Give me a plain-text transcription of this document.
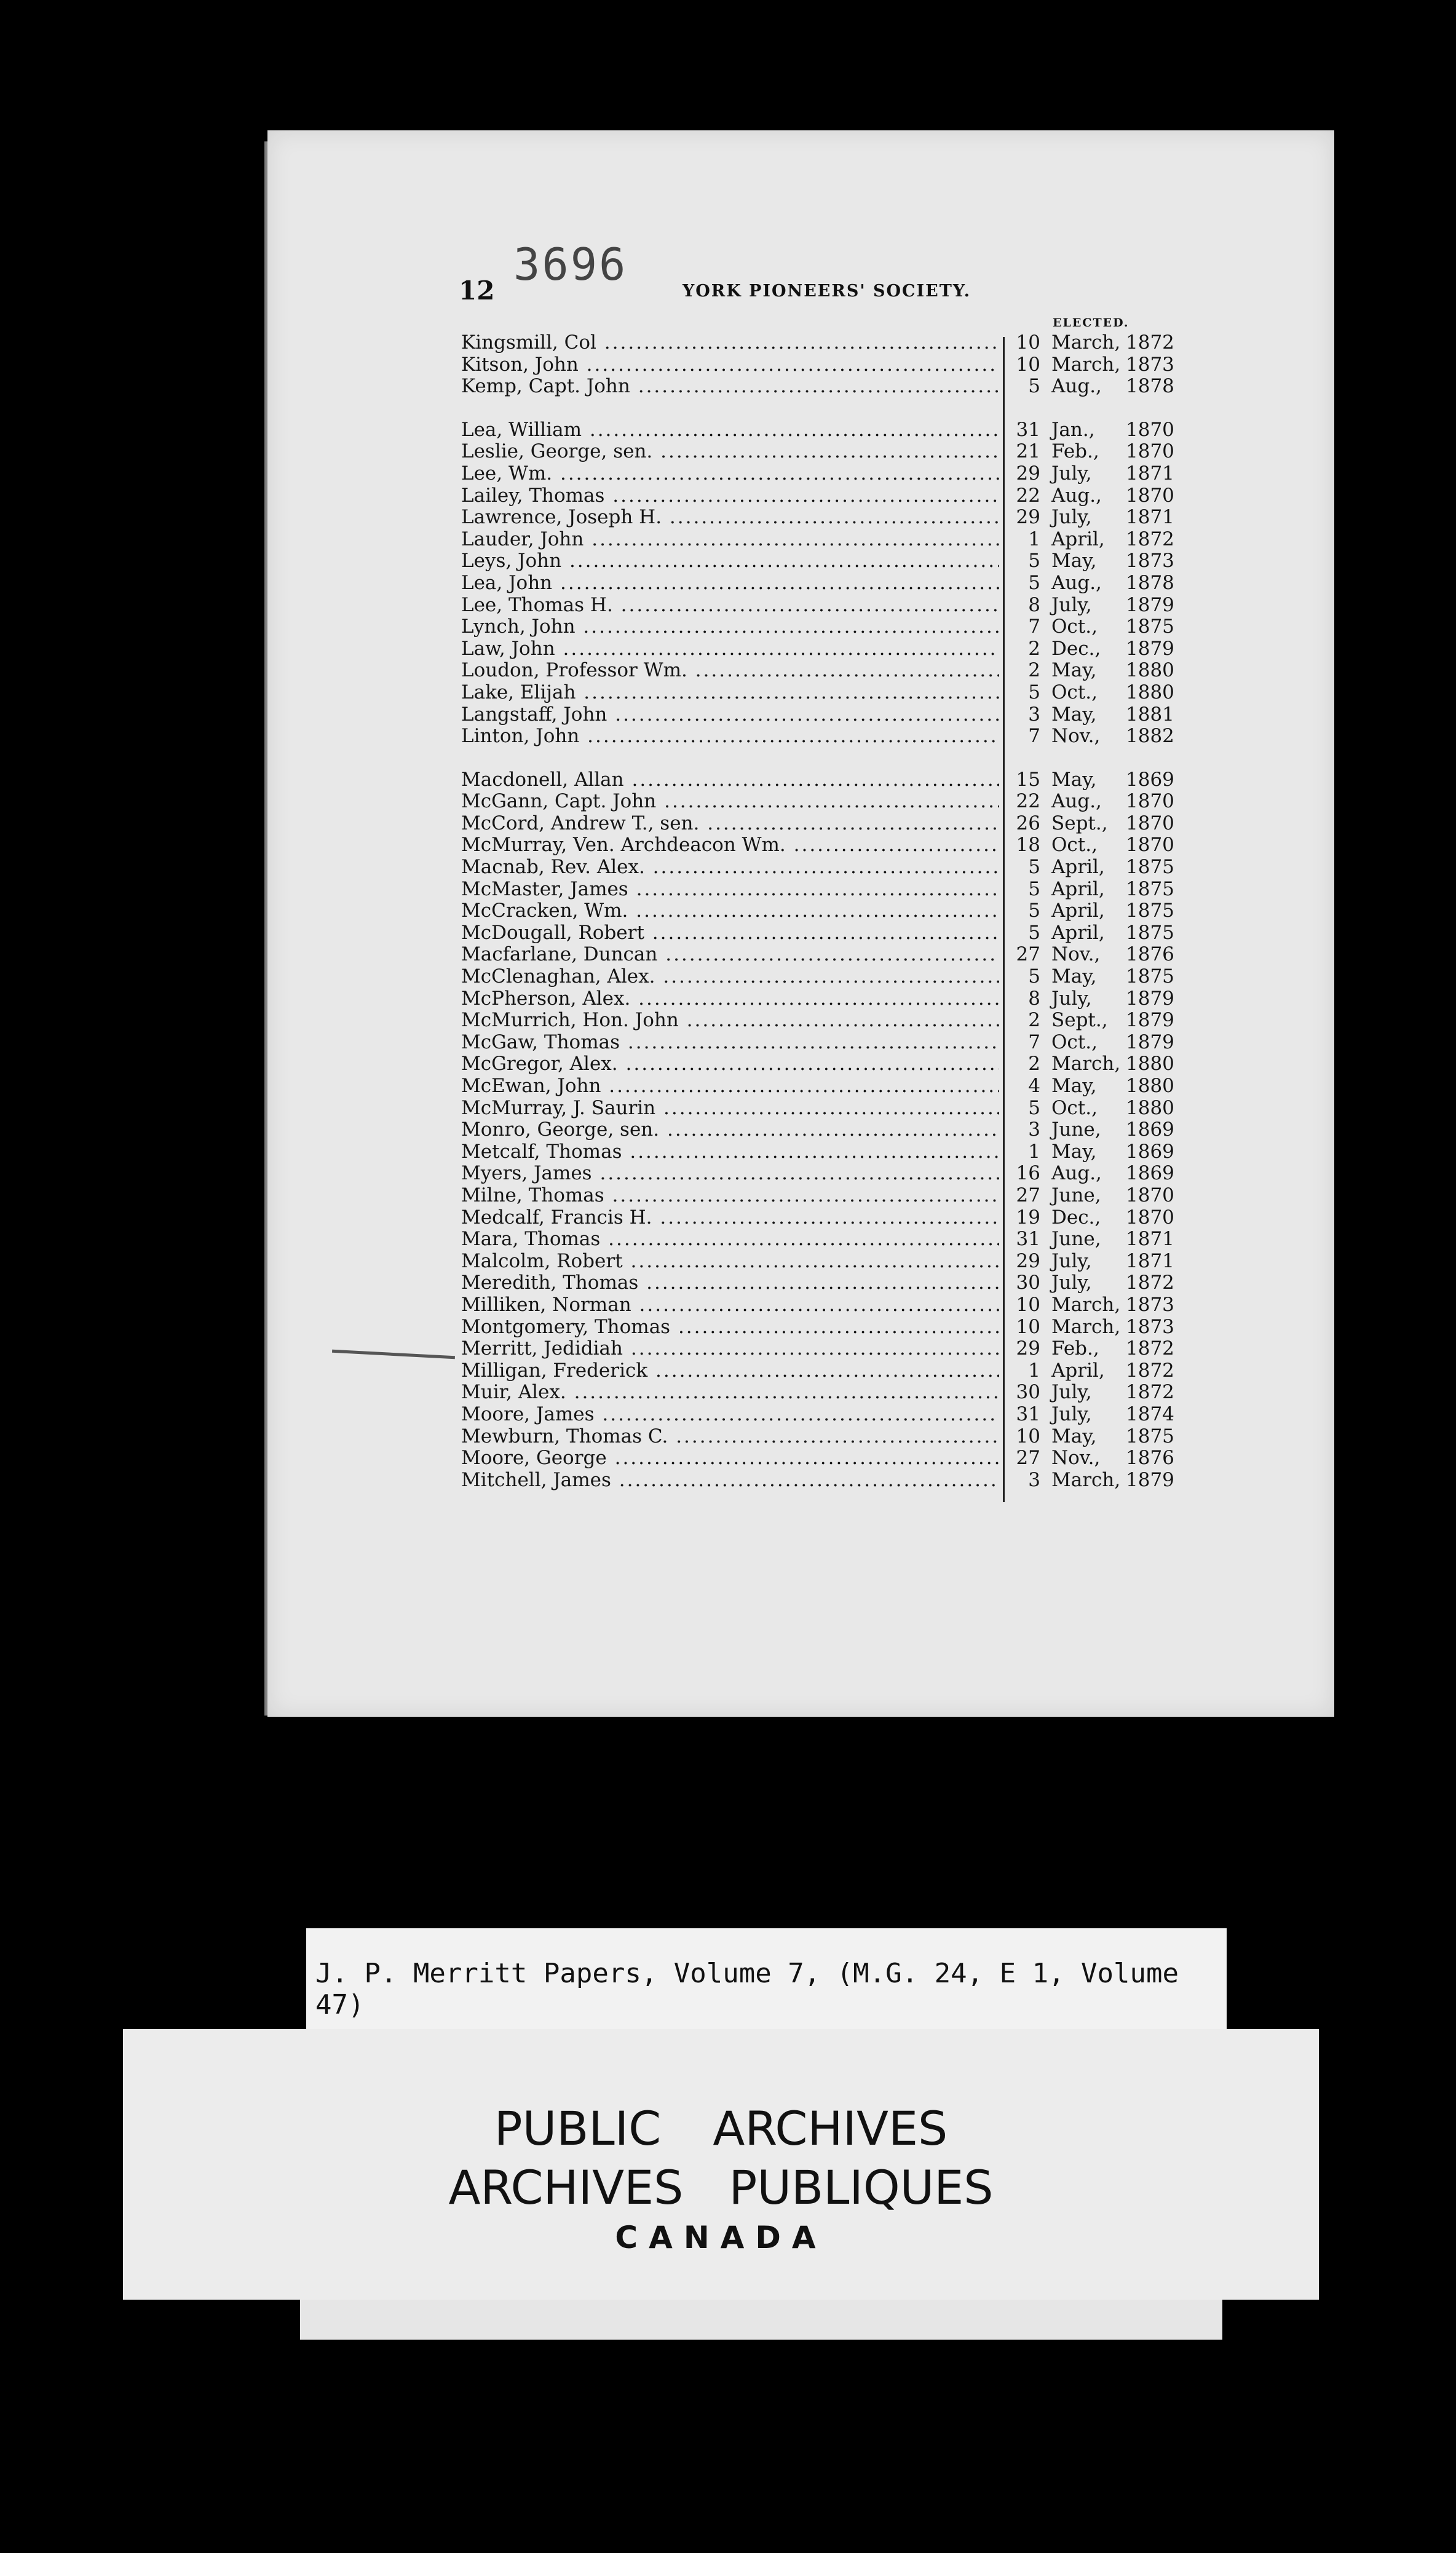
3696
12	YORK PIONEERS' SOCIETY.
ELECTED.
Kingsmill, Col .....	10 March, 1872
Kitson, John .....	10 March, 1873
Kemp, Capt. John .....	5 Aug., 1878
Lea, William .....	31 Jan., 1870
Leslie, George, sen. .....	21 Feb., 1870
Lee, Wm. .....	29 July, 1871
Lailey, Thomas .....	22 Aug., 1870
Lawrence, Joseph H. .....	29 July, 1871
Lauder, John .....	1 April, 1872
Leys, John .....	5 May, 1873
Lea, John .....	5 Aug., 1878
Lee, Thomas H. .....	8 July, 1879
Lynch, John .....	7 Oct., 1875
Law, John .....	2 Dec., 1879
Loudon, Professor Wm. .....	2 May, 1880
Lake, Elijah .....	5 Oct., 1880
Langstaff, John .....	3 May, 1881
Linton, John .....	7 Nov., 1882
Macdonell, Allan .....	15 May, 1869
McGann, Capt. John .....	22 Aug., 1870
McCord, Andrew T., sen. .....	26 Sept., 1870
McMurray, Ven. Archdeacon Wm. .....	18 Oct., 1870
Macnab, Rev. Alex. .....	5 April, 1875
McMaster, James .....	5 April, 1875
McCracken, Wm. .....	5 April, 1875
McDougall, Robert .....	5 April, 1875
Macfarlane, Duncan .....	27 Nov., 1876
McClenaghan, Alex. .....	5 May, 1875
McPherson, Alex. .....	8 July, 1879
McMurrich, Hon. John .....	2 Sept., 1879
McGaw, Thomas .....	7 Oct., 1879
McGregor, Alex. .....	2 March, 1880
McEwan, John .....	4 May, 1880
McMurray, J. Saurin .....	5 Oct., 1880
Monro, George, sen. .....	3 June, 1869
Metcalf, Thomas .....	1 May, 1869
Myers, James .....	16 Aug., 1869
Milne, Thomas .....	27 June, 1870
Medcalf, Francis H. .....	19 Dec., 1870
Mara, Thomas .....	31 June, 1871
Malcolm, Robert .....	29 July, 1871
Meredith, Thomas .....	30 July, 1872
Milliken, Norman .....	10 March, 1873
Montgomery, Thomas .....	10 March, 1873
Merritt, Jedidiah .....	29 Feb., 1872
Milligan, Frederick .....	1 April, 1872
Muir, Alex. .....	30 July, 1872
Moore, James .....	31 July, 1874
Mewburn, Thomas C. .....	10 May, 1875
Moore, George .....	27 Nov., 1876
Mitchell, James .....	3 March, 1879
J. P. Merritt Papers, Volume 7, (M.G. 24, E 1, Volume 47)
PUBLIC ARCHIVES
ARCHIVES PUBLIQUES
CANADA
